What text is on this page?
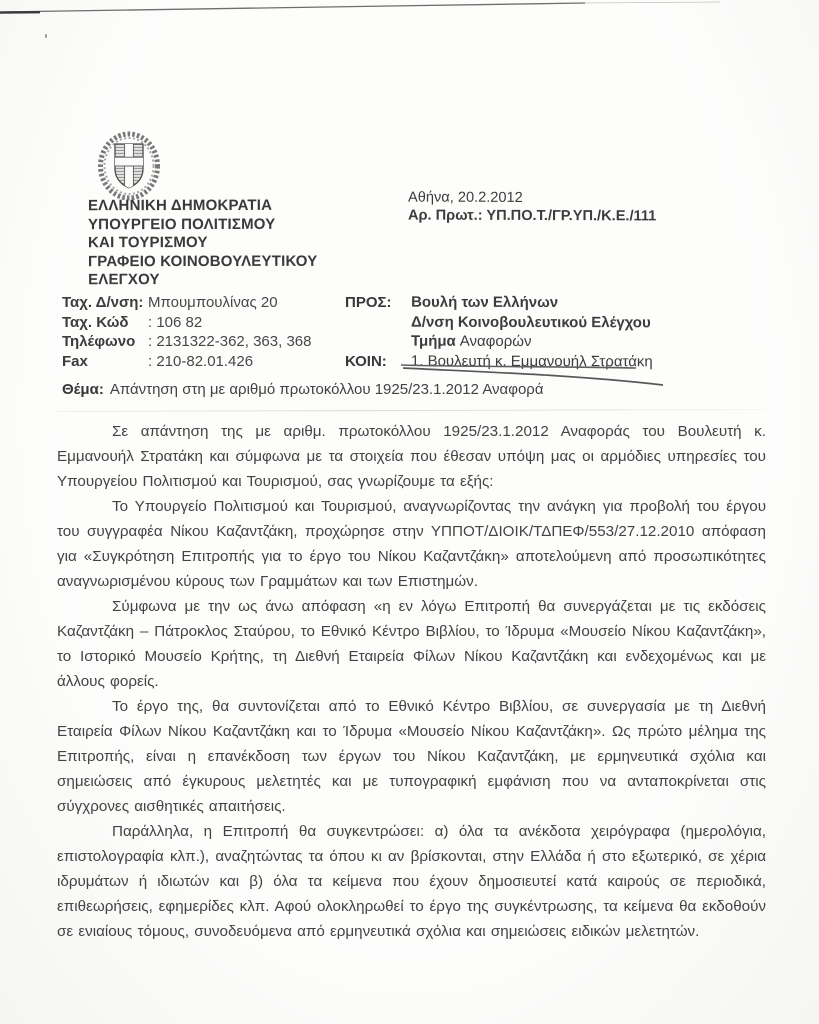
ΕΛΛΗΝΙΚΗ ΔΗΜΟΚΡΑΤΙΑ
ΥΠΟΥΡΓΕΙΟ ΠΟΛΙΤΙΣΜΟΥ
ΚΑΙ ΤΟΥΡΙΣΜΟΥ
ΓΡΑΦΕΙΟ ΚΟΙΝΟΒΟΥΛΕΥΤΙΚΟΥ
ΕΛΕΓΧΟΥ
Αθήνα, 20.2.2012
Αρ. Πρωτ.: ΥΠ.ΠΟ.Τ./ΓΡ.ΥΠ./Κ.Ε./111
Ταχ. Δ/νση: Μπουμπουλίνας 20
Ταχ. Κώδ : 106 82
Τηλέφωνο : 2131322-362, 363, 368
Fax	: 210-82.01.426
ΠΡΟΣ:
ΚΟΙΝ:
Βουλή των Ελλήνων
Δ/νση Κοινοβουλευτικού Ελέγχου
Τμήμα Αναφορών
1. Βουλευτή κ. Εμμανουήλ Στρατάκη
Θέμα: Απάντηση στη με αριθμό πρωτοκόλλου 1925/23.1.2012 Αναφορά

Σε απάντηση της με αριθμ. πρωτοκόλλου 1925/23.1.2012 Αναφοράς του Βουλευτή κ. Εμμανουήλ Στρατάκη και σύμφωνα με τα στοιχεία που έθεσαν υπόψη μας οι αρμόδιες υπηρεσίες του Υπουργείου Πολιτισμού και Τουρισμού, σας γνωρίζουμε τα εξής:

Το Υπουργείο Πολιτισμού και Τουρισμού, αναγνωρίζοντας την ανάγκη για προβολή του έργου του συγγραφέα Νίκου Καζαντζάκη, προχώρησε στην ΥΠΠΟΤ/ΔΙΟΙΚ/ΤΔΠΕΦ/553/27.12.2010 απόφαση για «Συγκρότηση Επιτροπής για το έργο του Νίκου Καζαντζάκη» αποτελούμενη από προσωπικότητες αναγνωρισμένου κύρους των Γραμμάτων και των Επιστημών.

Σύμφωνα με την ως άνω απόφαση «η εν λόγω Επιτροπή θα συνεργάζεται με τις εκδόσεις Καζαντζάκη – Πάτροκλος Σταύρου, το Εθνικό Κέντρο Βιβλίου, το Ίδρυμα «Μουσείο Νίκου Καζαντζάκη», το Ιστορικό Μουσείο Κρήτης, τη Διεθνή Εταιρεία Φίλων Νίκου Καζαντζάκη και ενδεχομένως και με άλλους φορείς.

Το έργο της, θα συντονίζεται από το Εθνικό Κέντρο Βιβλίου, σε συνεργασία με τη Διεθνή Εταιρεία Φίλων Νίκου Καζαντζάκη και το Ίδρυμα «Μουσείο Νίκου Καζαντζάκη». Ως πρώτο μέλημα της Επιτροπής, είναι η επανέκδοση των έργων του Νίκου Καζαντζάκη, με ερμηνευτικά σχόλια και σημειώσεις από έγκυρους μελετητές και με τυπογραφική εμφάνιση που να ανταποκρίνεται στις σύγχρονες αισθητικές απαιτήσεις.

Παράλληλα, η Επιτροπή θα συγκεντρώσει: α) όλα τα ανέκδοτα χειρόγραφα (ημερολόγια, επιστολογραφία κλπ.), αναζητώντας τα όπου κι αν βρίσκονται, στην Ελλάδα ή στο εξωτερικό, σε χέρια ιδρυμάτων ή ιδιωτών και β) όλα τα κείμενα που έχουν δημοσιευτεί κατά καιρούς σε περιοδικά, επιθεωρήσεις, εφημερίδες κλπ. Αφού ολοκληρωθεί το έργο της συγκέντρωσης, τα κείμενα θα εκδοθούν σε ενιαίους τόμους, συνοδευόμενα από ερμηνευτικά σχόλια και σημειώσεις ειδικών μελετητών.
